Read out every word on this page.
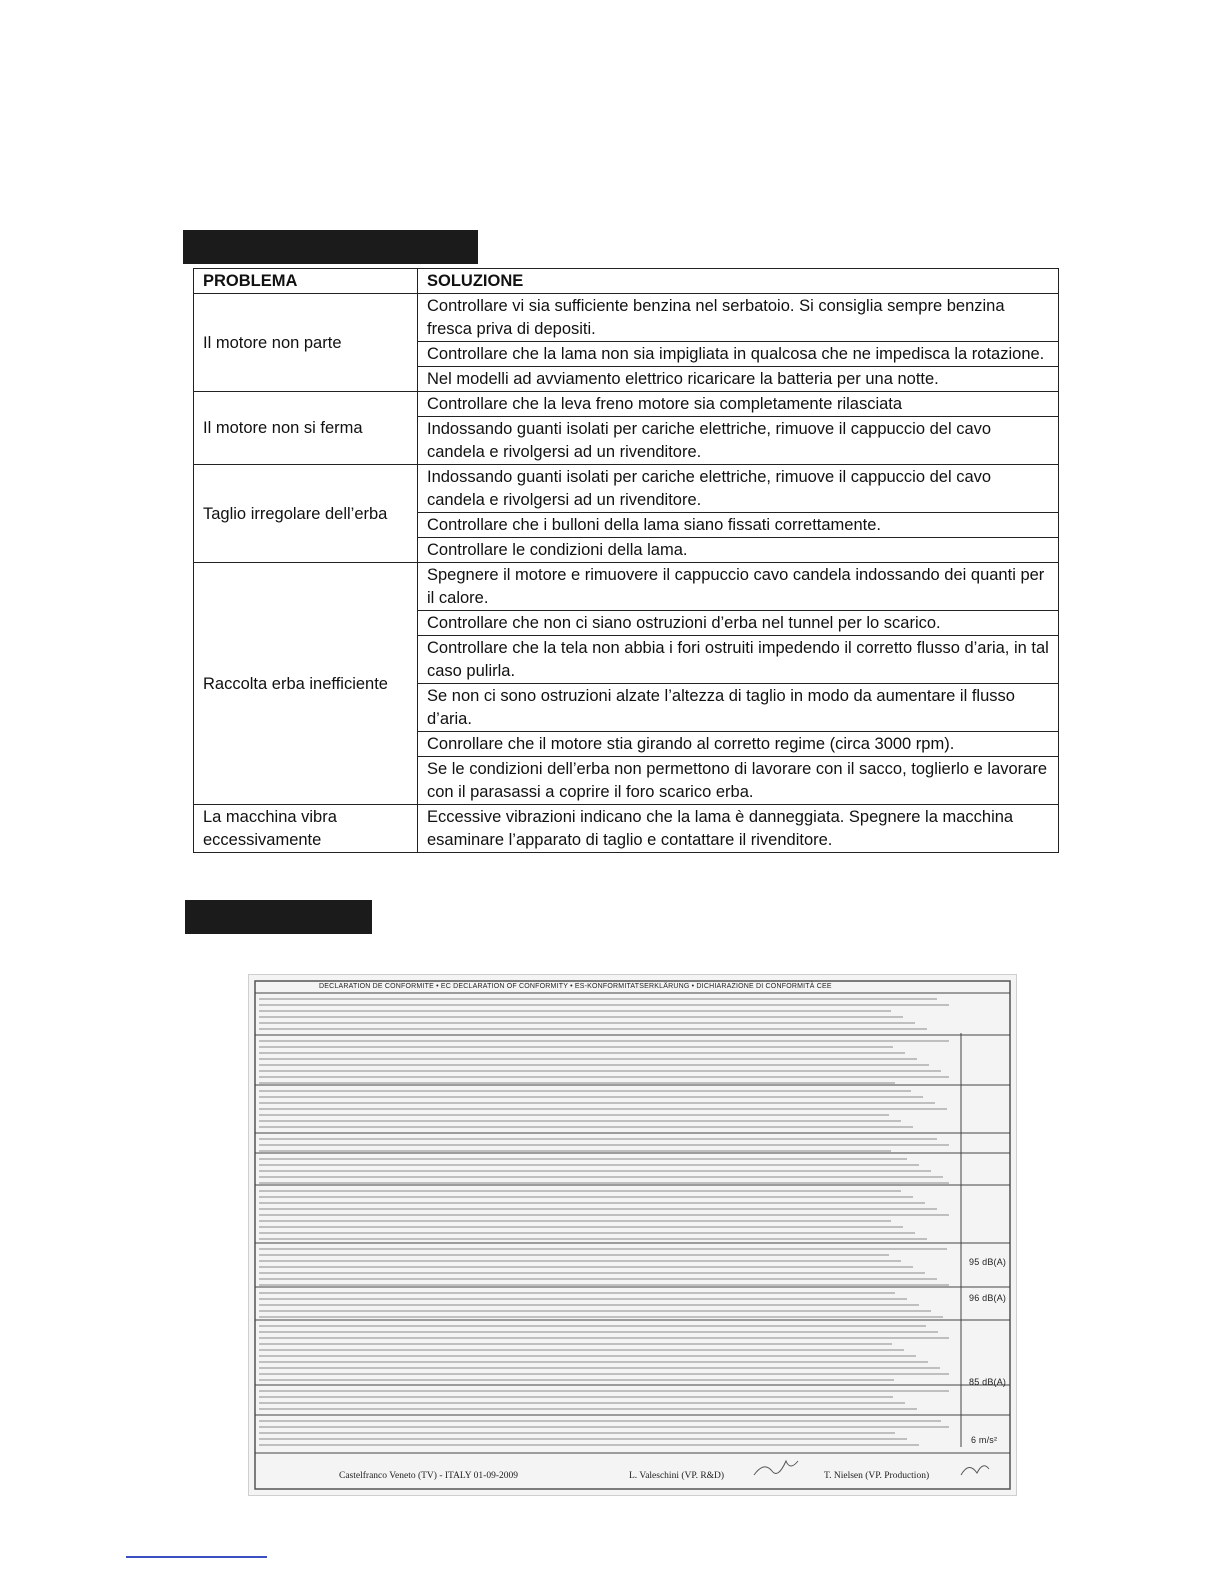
PROBLEMA	SOLUZIONE
Il motore non parte	Controllare vi sia sufficiente benzina nel serbatoio. Si consiglia sempre benzina fresca priva di depositi.
	Controllare che la lama non sia impigliata in qualcosa che ne impedisca la rotazione.
	Nel modelli ad avviamento elettrico ricaricare la batteria per una notte.
Il motore non si ferma	Controllare che la leva freno motore sia completamente rilasciata
	Indossando guanti isolati per cariche elettriche, rimuove il cappuccio del cavo candela e rivolgersi ad un rivenditore.
Taglio irregolare dell’erba	Indossando guanti isolati per cariche elettriche, rimuove il cappuccio del cavo candela e rivolgersi ad un rivenditore.
	Controllare che i bulloni della lama siano fissati correttamente.
	Controllare le condizioni della lama.
Raccolta erba inefficiente	Spegnere il motore e rimuovere il cappuccio cavo candela indossando dei quanti per il calore.
	Controllare che non ci siano ostruzioni d’erba nel tunnel per lo scarico.
	Controllare che la tela non abbia i fori ostruiti impedendo il corretto flusso d’aria, in tal caso pulirla.
	Se non ci sono ostruzioni alzate l’altezza di taglio in modo da aumentare il flusso d’aria.
	Conrollare che il motore stia girando al corretto regime (circa 3000 rpm).
	Se le condizioni dell’erba non permettono di lavorare con il sacco, toglierlo e lavorare con il parasassi a coprire il foro scarico erba.
La macchina vibra eccessivamente	Eccessive vibrazioni indicano che la lama è danneggiata. Spegnere la macchina esaminare l’apparato di taglio e contattare il rivenditore.
DECLARATION DE CONFORMITE • EC DECLARATION OF CONFORMITY • ES-KONFORMITATSERKLÄRUNG • DICHIARAZIONE DI CONFORMITÀ CEE
95 dB(A)
96 dB(A)
85 dB(A)
6 m/s²
Castelfranco Veneto (TV) - ITALY 01-09-2009	L. Valeschini (VP. R&D)	T. Nielsen (VP. Production)
